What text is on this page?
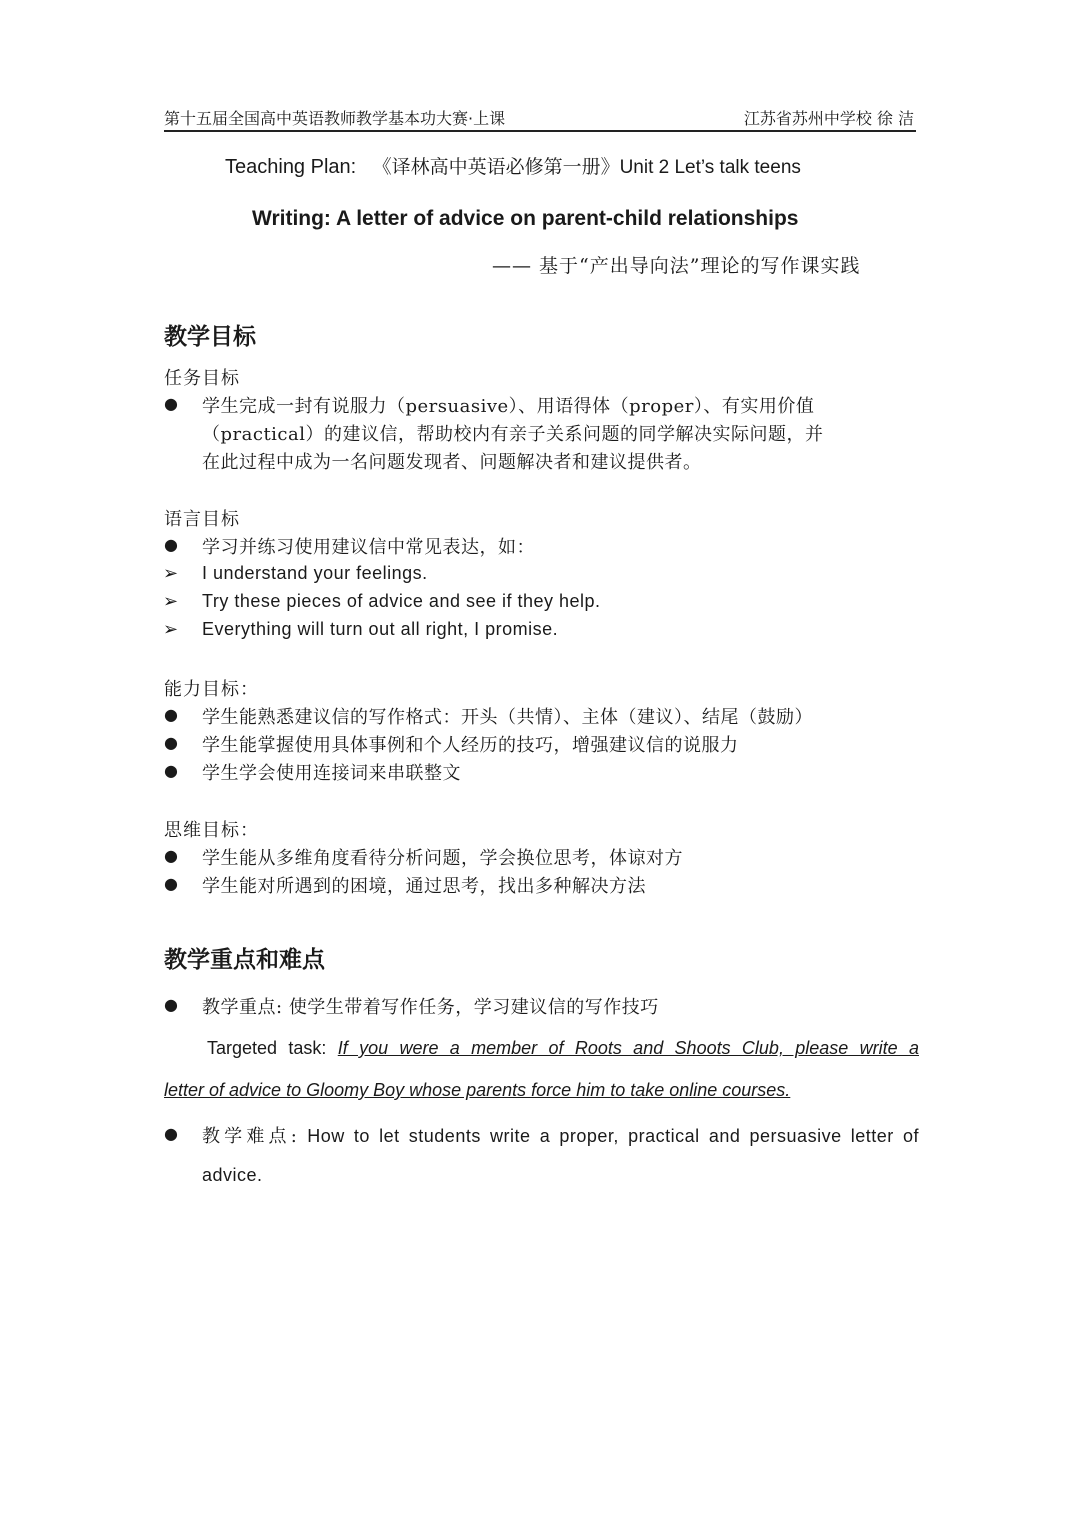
第十五届全国高中英语教师教学基本功大赛·上课	江苏省苏州中学校 徐 洁
Teaching Plan: 《译林高中英语必修第一册》Unit 2 Let’s talk teens
Writing: A letter of advice on parent-child relationships
—— 基于“产出导向法”理论的写作课实践
教学目标
任务目标
● 学生完成一封有说服力（persuasive）、用语得体（proper）、有实用价值
（practical）的建议信，帮助校内有亲子关系问题的同学解决实际问题，并
在此过程中成为一名问题发现者、问题解决者和建议提供者。
语言目标
● 学习并练习使用建议信中常见表达，如：
➢ I understand your feelings.
➢ Try these pieces of advice and see if they help.
➢ Everything will turn out all right, I promise.
能力目标：
● 学生能熟悉建议信的写作格式：开头（共情）、主体（建议）、结尾（鼓励）
● 学生能掌握使用具体事例和个人经历的技巧，增强建议信的说服力
● 学生学会使用连接词来串联整文
思维目标：
● 学生能从多维角度看待分析问题，学会换位思考，体谅对方
● 学生能对所遇到的困境，通过思考，找出多种解决方法
教学重点和难点
● 教学重点: 使学生带着写作任务，学习建议信的写作技巧
Targeted task: If you were a member of Roots and Shoots Club, please write a
letter of advice to Gloomy Boy whose parents force him to take online courses.
● 教学难点: How to let students write a proper, practical and persuasive letter of
advice.
